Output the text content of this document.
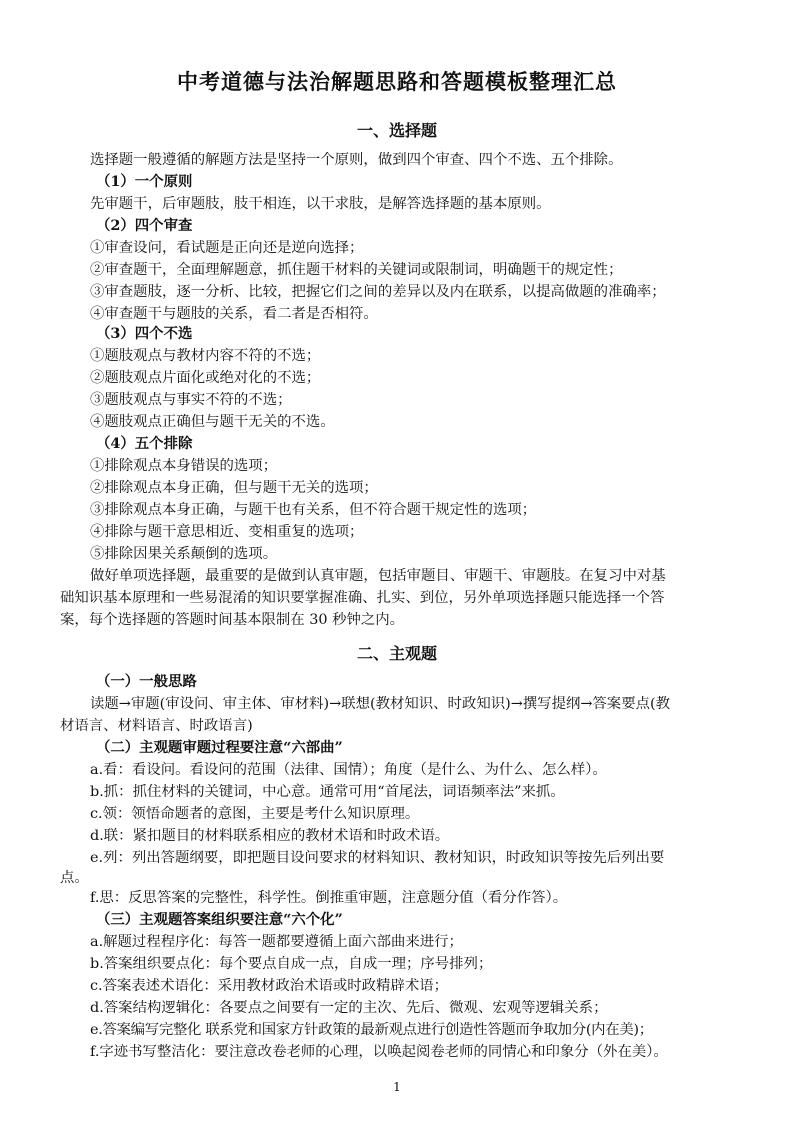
中考道德与法治解题思路和答题模板整理汇总
一、选择题
选择题一般遵循的解题方法是坚持一个原则，做到四个审查、四个不选、五个排除。
（1）一个原则
先审题干，后审题肢，肢干相连，以干求肢，是解答选择题的基本原则。
（2）四个审查
①审查设问，看试题是正向还是逆向选择；
②审查题干，全面理解题意，抓住题干材料的关键词或限制词，明确题干的规定性；
③审查题肢，逐一分析、比较，把握它们之间的差异以及内在联系，以提高做题的准确率；
④审查题干与题肢的关系，看二者是否相符。
（3）四个不选
①题肢观点与教材内容不符的不选；
②题肢观点片面化或绝对化的不选；
③题肢观点与事实不符的不选；
④题肢观点正确但与题干无关的不选。
（4）五个排除
①排除观点本身错误的选项；
②排除观点本身正确，但与题干无关的选项；
③排除观点本身正确，与题干也有关系，但不符合题干规定性的选项；
④排除与题干意思相近、变相重复的选项；
⑤排除因果关系颠倒的选项。
做好单项选择题，最重要的是做到认真审题，包括审题目、审题干、审题肢。在复习中对基
础知识基本原理和一些易混淆的知识要掌握准确、扎实、到位，另外单项选择题只能选择一个答
案，每个选择题的答题时间基本限制在 30 秒钟之内。
二、主观题
（一）一般思路
读题→审题(审设问、审主体、审材料)→联想(教材知识、时政知识)→撰写提纲→答案要点(教
材语言、材料语言、时政语言)
（二）主观题审题过程要注意“六部曲”
a.看：看设问。看设问的范围（法律、国情）；角度（是什么、为什么、怎么样）。
b.抓：抓住材料的关键词，中心意。通常可用“首尾法，词语频率法”来抓。
c.领：领悟命题者的意图，主要是考什么知识原理。
d.联：紧扣题目的材料联系相应的教材术语和时政术语。
e.列：列出答题纲要，即把题目设问要求的材料知识、教材知识，时政知识等按先后列出要
点。
f.思：反思答案的完整性，科学性。倒推重审题，注意题分值（看分作答）。
（三）主观题答案组织要注意“六个化”
a.解题过程程序化：每答一题都要遵循上面六部曲来进行；
b.答案组织要点化：每个要点自成一点，自成一理；序号排列；
c.答案表述术语化：采用教材政治术语或时政精辟术语；
d.答案结构逻辑化：各要点之间要有一定的主次、先后、微观、宏观等逻辑关系；
e.答案编写完整化 联系党和国家方针政策的最新观点进行创造性答题而争取加分(内在美)；
f.字迹书写整洁化：要注意改卷老师的心理，以唤起阅卷老师的同情心和印象分（外在美）。
1
